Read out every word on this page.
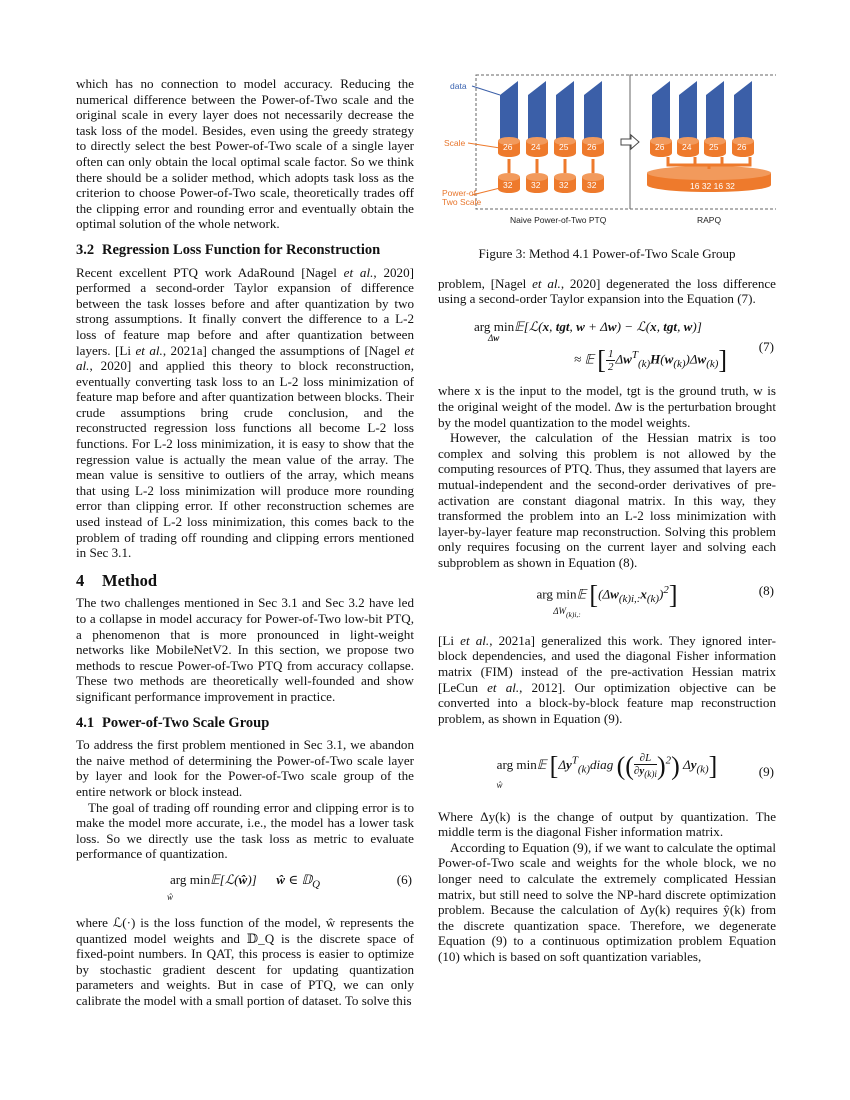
which has no connection to model accuracy. Reducing the numerical difference between the Power-of-Two scale and the original scale in every layer does not necessarily decrease the task loss of the model. Besides, even using the greedy strategy to directly select the best Power-of-Two scale of a single layer often can only obtain the local optimal scale factor. So we think there should be a solider method, which adopts task loss as the criterion to choose Power-of-Two scale, theoretically trades off the clipping error and rounding error and eventually obtain the optimal solution of the whole network.

3.2 Regression Loss Function for Reconstruction

Recent excellent PTQ work AdaRound [Nagel et al., 2020] performed a second-order Taylor expansion of difference between the task losses before and after quantization by two strong assumptions. It finally convert the difference to a L-2 loss of feature map before and after quantization between layers. [Li et al., 2021a] changed the assumptions of [Nagel et al., 2020] and applied this theory to block reconstruction, eventually converting task loss to an L-2 loss minimization of feature map before and after quantization between blocks. Their crude assumptions bring crude conclusion, and the reconstructed regression loss functions all become L-2 loss functions. For L-2 loss minimization, it is easy to show that the regression value is actually the mean value of the array. The mean value is sensitive to outliers of the array, which means that using L-2 loss minimization will produce more rounding error than clipping error. If other reconstruction schemes are used instead of L-2 loss minimization, this comes back to the problem of trading off rounding and clipping errors mentioned in Sec 3.1.

4 Method

The two challenges mentioned in Sec 3.1 and Sec 3.2 have led to a collapse in model accuracy for Power-of-Two low-bit PTQ, a phenomenon that is more pronounced in light-weight networks like MobileNetV2. In this section, we propose two methods to rescue Power-of-Two PTQ from accuracy collapse. These two methods are theoretically well-founded and show significant performance improvement in practice.

4.1 Power-of-Two Scale Group

To address the first problem mentioned in Sec 3.1, we abandon the naive method of determining the Power-of-Two scale layer by layer and look for the Power-of-Two scale group of the entire network or block instead.

The goal of trading off rounding error and clipping error is to make the model more accurate, i.e., the model has a lower task loss. So we directly use the task loss as metric to evaluate performance of quantization.

arg min𝔼[ℒ(ŵ)]      ŵ ∈ 𝔻$_Q$
ŵ
(6)

where ℒ(·) is the loss function of the model, ŵ represents the quantized model weights and 𝔻_Q is the discrete space of fixed-point numbers. In QAT, this process is easier to optimize by stochastic gradient descent for updating quantization parameters and weights. But in case of PTQ, we can only calibrate the model with a small portion of dataset. To solve this

data
Scale
Power-of-
Two Scale
16 32 16 32
Naive Power-of-Two PTQ	RAPQ
26
32
24
32
25
32
26
32
26 24 25 26
Figure 3: Method 4.1 Power-of-Two Scale Group

problem, [Nagel et al., 2020] degenerated the loss difference using a second-order Taylor expansion into the Equation (7).

arg min𝔼[ℒ(x, tgt, w + Δw) − ℒ(x, tgt, w)]
Δw
≈ 𝔼 [ $\frac{1}{2} \Delta w^T_{(k)}H(w_{(k)})\Delta w_{(k)}$]	(7)

where x is the input to the model, tgt is the ground truth, w is the original weight of the model. Δw is the perturbation brought by the model quantization to the model weights.

However, the calculation of the Hessian matrix is too complex and solving this problem is not allowed by the computing resources of PTQ. Thus, they assumed that layers are mutual-independent and the second-order derivatives of pre-activation are constant diagonal matrix. In this way, they transformed the problem into an L-2 loss minimization with layer-by-layer feature map reconstruction. Solving this problem only requires focusing on the current layer and solving each subproblem as shown in Equation (8).

arg min𝔼 $[(\Delta w_{(k)i,:}x_{(k)})^2]$
$\Delta W_{(k)i,:}$
(8)

[Li et al., 2021a] generalized this work. They ignored inter-block dependencies, and used the diagonal Fisher information matrix (FIM) instead of the pre-activation Hessian matrix [LeCun et al., 2012]. Our optimization objective can be converted into a block-by-block feature map reconstruction problem, as shown in Equation (9).

arg min𝔼 [$\Delta y^T_{(k)}diag$ (( $\frac{\partial L}{\partial y_{(k)i}} )^2$) $\Delta y_{(k)}$]
ŵ
(9)

Where Δy(k) is the change of output by quantization. The middle term is the diagonal Fisher information matrix.

According to Equation (9), if we want to calculate the optimal Power-of-Two scale and weights for the whole block, we no longer need to calculate the extremely complicated Hessian matrix, but still need to solve the NP-hard discrete optimization problem. Because the calculation of Δy(k) requires ŷ(k) from the discrete quantization space. Therefore, we degenerate Equation (9) to a continuous optimization problem Equation (10) which is based on soft quantization variables,
